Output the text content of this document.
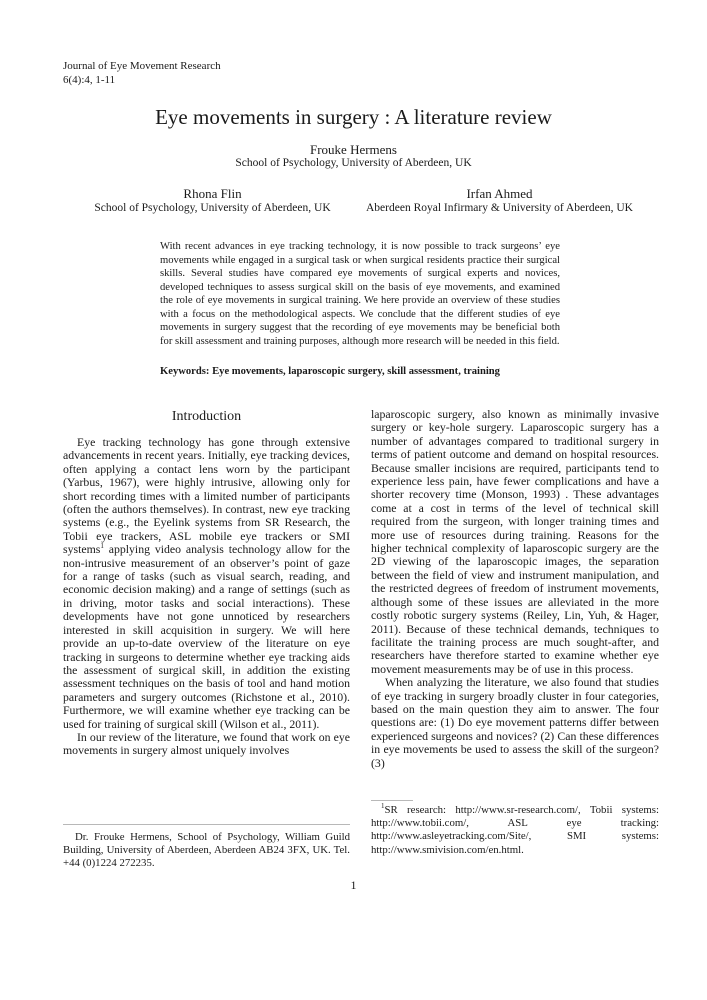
Journal of Eye Movement Research
6(4):4, 1-11
Eye movements in surgery : A literature review
Frouke Hermens
School of Psychology, University of Aberdeen, UK
Rhona Flin
School of Psychology, University of Aberdeen, UK
Irfan Ahmed
Aberdeen Royal Infirmary & University of Aberdeen, UK
With recent advances in eye tracking technology, it is now possible to track surgeons’ eye movements while engaged in a surgical task or when surgical residents practice their surgical skills. Several studies have compared eye movements of surgical experts and novices, developed techniques to assess surgical skill on the basis of eye movements, and examined the role of eye movements in surgical training. We here provide an overview of these studies with a focus on the methodological aspects. We conclude that the different studies of eye movements in surgery suggest that the recording of eye movements may be beneficial both for skill assessment and training purposes, although more research will be needed in this field.
Keywords: Eye movements, laparoscopic surgery, skill assessment, training
Introduction

Eye tracking technology has gone through extensive advancements in recent years. Initially, eye tracking devices, often applying a contact lens worn by the participant (Yarbus, 1967), were highly intrusive, allowing only for short recording times with a limited number of participants (often the authors themselves). In contrast, new eye tracking systems (e.g., the Eyelink systems from SR Research, the Tobii eye trackers, ASL mobile eye trackers or SMI systems$^1$ applying video analysis technology allow for the non-intrusive measurement of an observer’s point of gaze for a range of tasks (such as visual search, reading, and economic decision making) and a range of settings (such as in driving, motor tasks and social interactions). These developments have not gone unnoticed by researchers interested in skill acquisition in surgery. We will here provide an up-to-date overview of the literature on eye tracking in surgeons to determine whether eye tracking aids the assessment of surgical skill, in addition the existing assessment techniques on the basis of tool and hand motion parameters and surgery outcomes (Richstone et al., 2010). Furthermore, we will examine whether eye tracking can be used for training of surgical skill (Wilson et al., 2011).

In our review of the literature, we found that work on eye movements in surgery almost uniquely involves

laparoscopic surgery, also known as minimally invasive surgery or key-hole surgery. Laparoscopic surgery has a number of advantages compared to traditional surgery in terms of patient outcome and demand on hospital resources. Because smaller incisions are required, participants tend to experience less pain, have fewer complications and have a shorter recovery time (Monson, 1993) . These advantages come at a cost in terms of the level of technical skill required from the surgeon, with longer training times and more use of resources during training. Reasons for the higher technical complexity of laparoscopic surgery are the 2D viewing of the laparoscopic images, the separation between the field of view and instrument manipulation, and the restricted degrees of freedom of instrument movements, although some of these issues are alleviated in the more costly robotic surgery systems (Reiley, Lin, Yuh, & Hager, 2011). Because of these technical demands, techniques to facilitate the training process are much sought-after, and researchers have therefore started to examine whether eye movement measurements may be of use in this process.

When analyzing the literature, we also found that studies of eye tracking in surgery broadly cluster in four categories, based on the main question they aim to answer. The four questions are: (1) Do eye movement patterns differ between experienced surgeons and novices? (2) Can these differences in eye movements be used to assess the skill of the surgeon? (3)

Dr. Frouke Hermens, School of Psychology, William Guild Building, University of Aberdeen, Aberdeen AB24 3FX, UK. Tel. +44 (0)1224 272235.
$^1$SR research: http://www.sr-research.com/, Tobii systems: http://www.tobii.com/, ASL eye tracking: http://www.asleyetracking.com/Site/, SMI systems: http://www.smivision.com/en.html.
1
